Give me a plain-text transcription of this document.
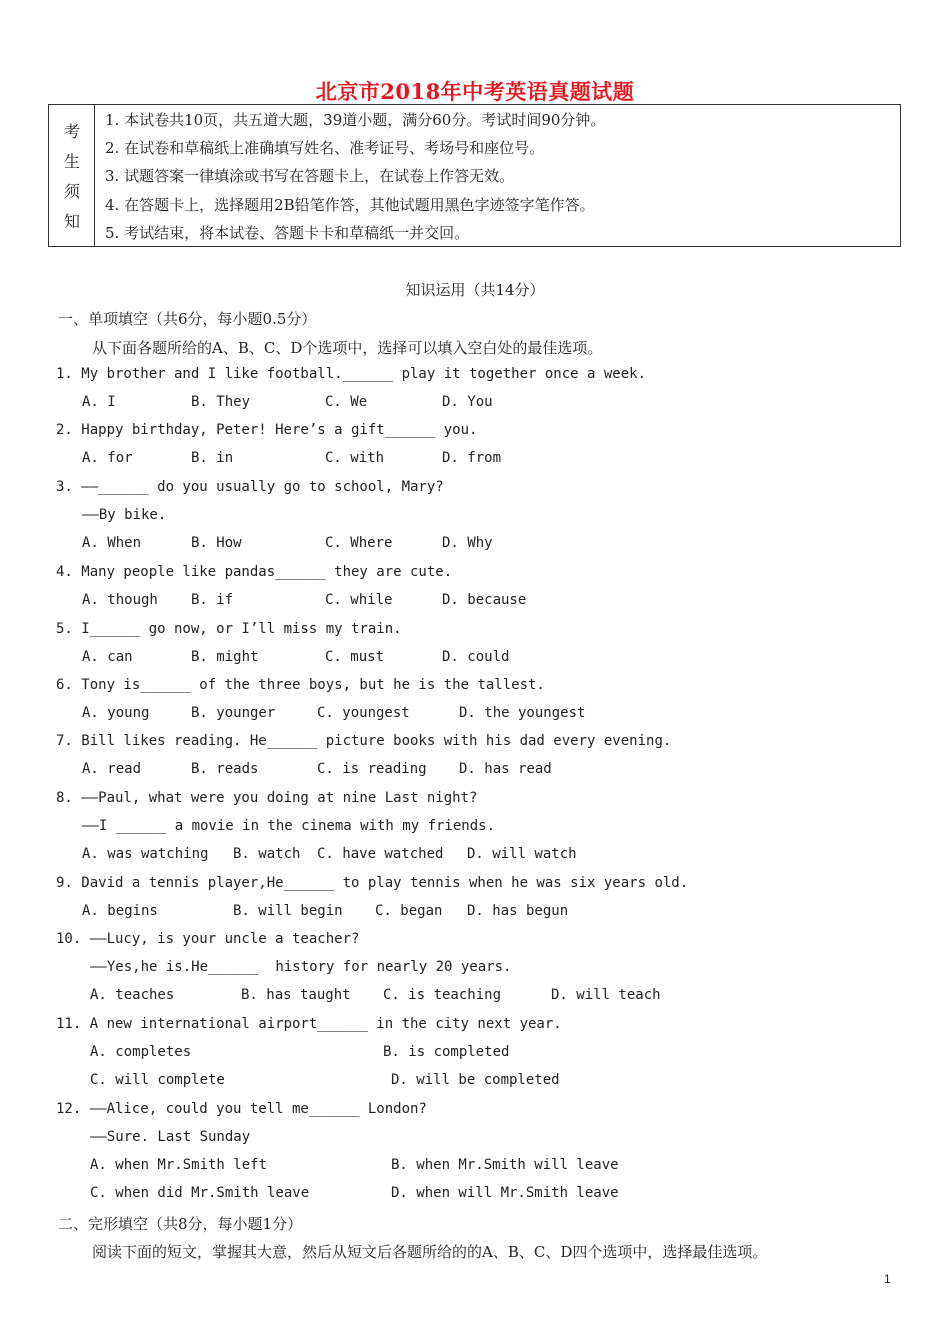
北京市2018年中考英语真题试题
考
生
须
知
1. 本试卷共10页，共五道大题，39道小题，满分60分。考试时间90分钟。
2. 在试卷和草稿纸上准确填写姓名、准考证号、考场号和座位号。
3. 试题答案一律填涂或书写在答题卡上，在试卷上作答无效。
4. 在答题卡上，选择题用2B铅笔作答，其他试题用黑色字迹签字笔作答。
5. 考试结束，将本试卷、答题卡卡和草稿纸一并交回。
知识运用（共14分）
一、单项填空（共6分，每小题0.5分）
从下面各题所给的A、B、C、D个选项中，选择可以填入空白处的最佳选项。
1. My brother and I like football.______ play it together once a week.
A. I	B. They	C. We	D. You
2. Happy birthday, Peter! Here’s a gift______ you.
A. for	B. in	C. with	D. from
3. ——______ do you usually go to school, Mary?
——By bike.
A. When	B. How	C. Where	D. Why
4. Many people like pandas______ they are cute.
A. though B. if	C. while	D. because
5. I______ go now, or I’ll miss my train.
A. can	B. might	C. must	D. could
6. Tony is______ of the three boys, but he is the tallest.
A. young	B. younger	C. youngest	D. the youngest
7. Bill likes reading. He______ picture books with his dad every evening.
A. read	B. reads	C. is reading D. has read
8. ——Paul, what were you doing at nine Last night?
——I ______ a movie in the cinema with my friends.
A. was watching B. watch C. have watched D. will watch
9. David a tennis player,He______ to play tennis when he was six years old.
A. begins	B. will begin C. began D. has begun
10. ——Lucy, is your uncle a teacher?
——Yes,he is.He______  history for nearly 20 years.
A. teaches	B. has taught C. is teaching	D. will teach
11. A new international airport______ in the city next year.
A. completes	B. is completed
C. will complete	D. will be completed
12. ——Alice, could you tell me______ London?
——Sure. Last Sunday
A. when Mr.Smith left	B. when Mr.Smith will leave
C. when did Mr.Smith leave	D. when will Mr.Smith leave
二、完形填空（共8分，每小题1分）
阅读下面的短文，掌握其大意，然后从短文后各题所给的的A、B、C、D四个选项中，选择最佳选项。
1
